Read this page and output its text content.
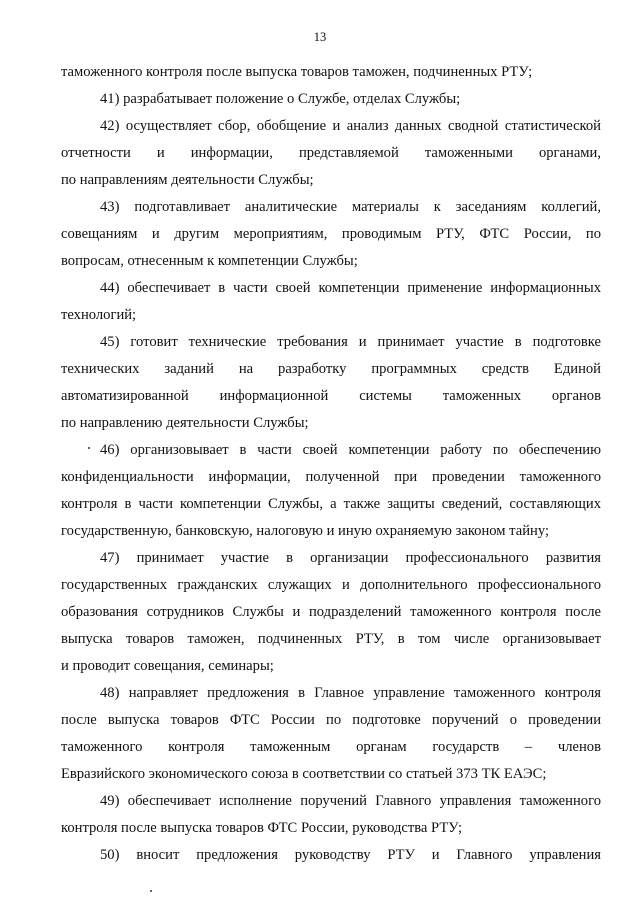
13
таможенного контроля после выпуска товаров таможен, подчиненных РТУ;
41) разрабатывает положение о Службе, отделах Службы;
42) осуществляет сбор, обобщение и анализ данных сводной статистической
отчетности и информации, представляемой таможенными органами,
по направлениям деятельности Службы;
43) подготавливает аналитические материалы к заседаниям коллегий,
совещаниям и другим мероприятиям, проводимым РТУ, ФТС России, по
вопросам, отнесенным к компетенции Службы;
44) обеспечивает в части своей компетенции применение информационных
технологий;
45) готовит технические требования и принимает участие в подготовке
технических заданий на разработку программных средств Единой
автоматизированной информационной системы таможенных органов
по направлению деятельности Службы;
46) организовывает в части своей компетенции работу по обеспечению
конфиденциальности информации, полученной при проведении таможенного
контроля в части компетенции Службы, а также защиты сведений, составляющих
государственную, банковскую, налоговую и иную охраняемую законом тайну;
47) принимает участие в организации профессионального развития
государственных гражданских служащих и дополнительного профессионального
образования сотрудников Службы и подразделений таможенного контроля после
выпуска товаров таможен, подчиненных РТУ, в том числе организовывает
и проводит совещания, семинары;
48) направляет предложения в Главное управление таможенного контроля
после выпуска товаров ФТС России по подготовке поручений о проведении
таможенного контроля таможенным органам государств – членов
Евразийского экономического союза в соответствии со статьей 373 ТК ЕАЭС;
49) обеспечивает исполнение поручений Главного управления таможенного
контроля после выпуска товаров ФТС России, руководства РТУ;
50) вносит предложения руководству РТУ и Главного управления
